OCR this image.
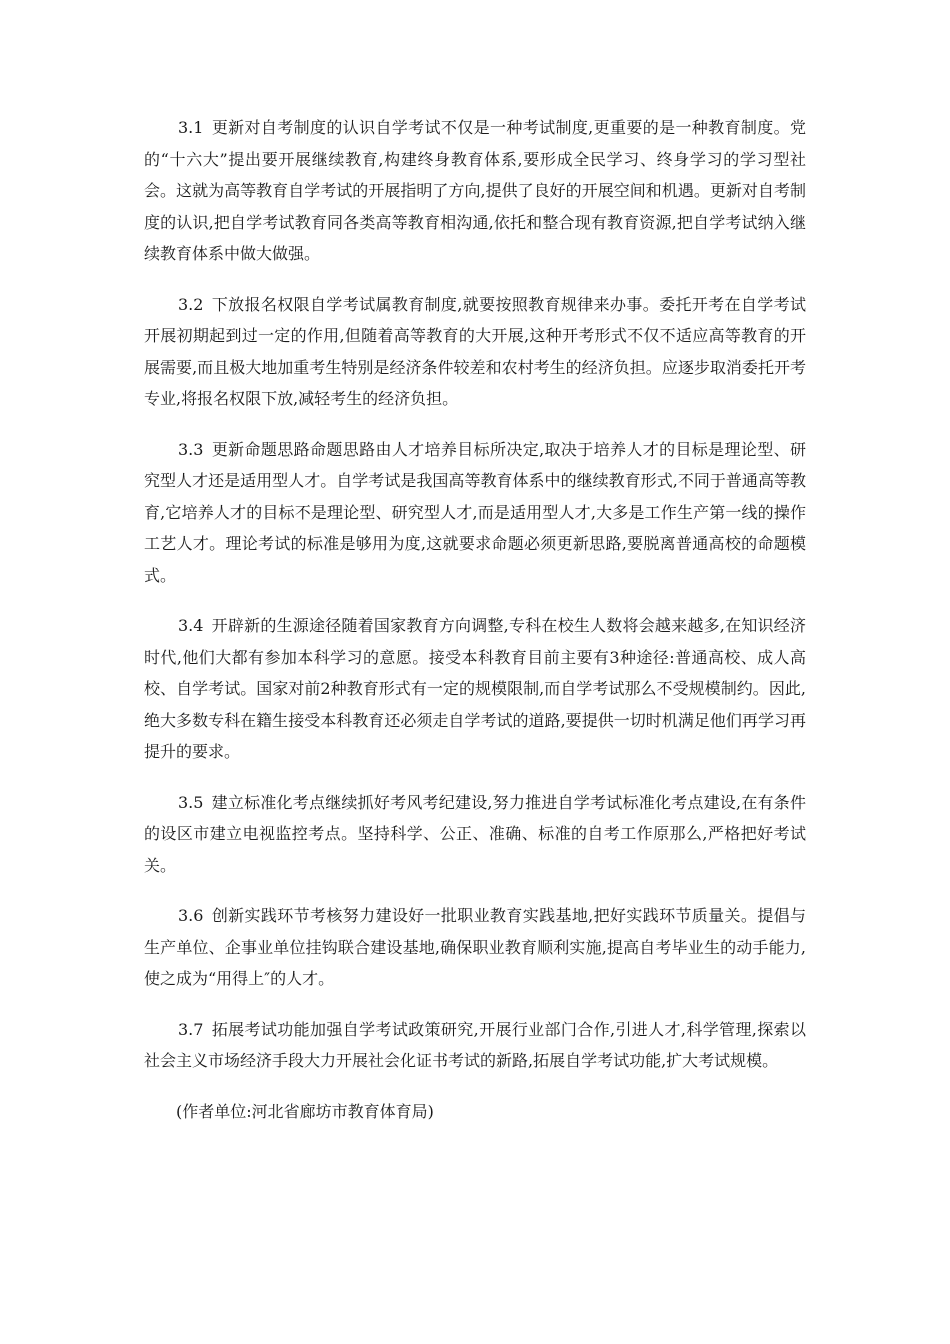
3.1 更新对自考制度的认识自学考试不仅是一种考试制度,更重要的是一种教育制度。党的“十六大”提出要开展继续教育,构建终身教育体系,要形成全民学习、终身学习的学习型社会。这就为高等教育自学考试的开展指明了方向,提供了良好的开展空间和机遇。更新对自考制度的认识,把自学考试教育同各类高等教育相沟通,依托和整合现有教育资源,把自学考试纳入继续教育体系中做大做强。

3.2 下放报名权限自学考试属教育制度,就要按照教育规律来办事。委托开考在自学考试开展初期起到过一定的作用,但随着高等教育的大开展,这种开考形式不仅不适应高等教育的开展需要,而且极大地加重考生特别是经济条件较差和农村考生的经济负担。应逐步取消委托开考专业,将报名权限下放,减轻考生的经济负担。

3.3 更新命题思路命题思路由人才培养目标所决定,取决于培养人才的目标是理论型、研究型人才还是适用型人才。自学考试是我国高等教育体系中的继续教育形式,不同于普通高等教育,它培养人才的目标不是理论型、研究型人才,而是适用型人才,大多是工作生产第一线的操作工艺人才。理论考试的标准是够用为度,这就要求命题必须更新思路,要脱离普通高校的命题模式。

3.4 开辟新的生源途径随着国家教育方向调整,专科在校生人数将会越来越多,在知识经济时代,他们大都有参加本科学习的意愿。接受本科教育目前主要有3种途径:普通高校、成人高校、自学考试。国家对前2种教育形式有一定的规模限制,而自学考试那么不受规模制约。因此,绝大多数专科在籍生接受本科教育还必须走自学考试的道路,要提供一切时机满足他们再学习再提升的要求。

3.5 建立标准化考点继续抓好考风考纪建设,努力推进自学考试标准化考点建设,在有条件的设区市建立电视监控考点。坚持科学、公正、准确、标准的自考工作原那么,严格把好考试关。

3.6 创新实践环节考核努力建设好一批职业教育实践基地,把好实践环节质量关。提倡与生产单位、企事业单位挂钩联合建设基地,确保职业教育顺利实施,提高自考毕业生的动手能力,使之成为“用得上″的人才。

3.7 拓展考试功能加强自学考试政策研究,开展行业部门合作,引进人才,科学管理,探索以社会主义市场经济手段大力开展社会化证书考试的新路,拓展自学考试功能,扩大考试规模。

(作者单位:河北省廊坊市教育体育局)
